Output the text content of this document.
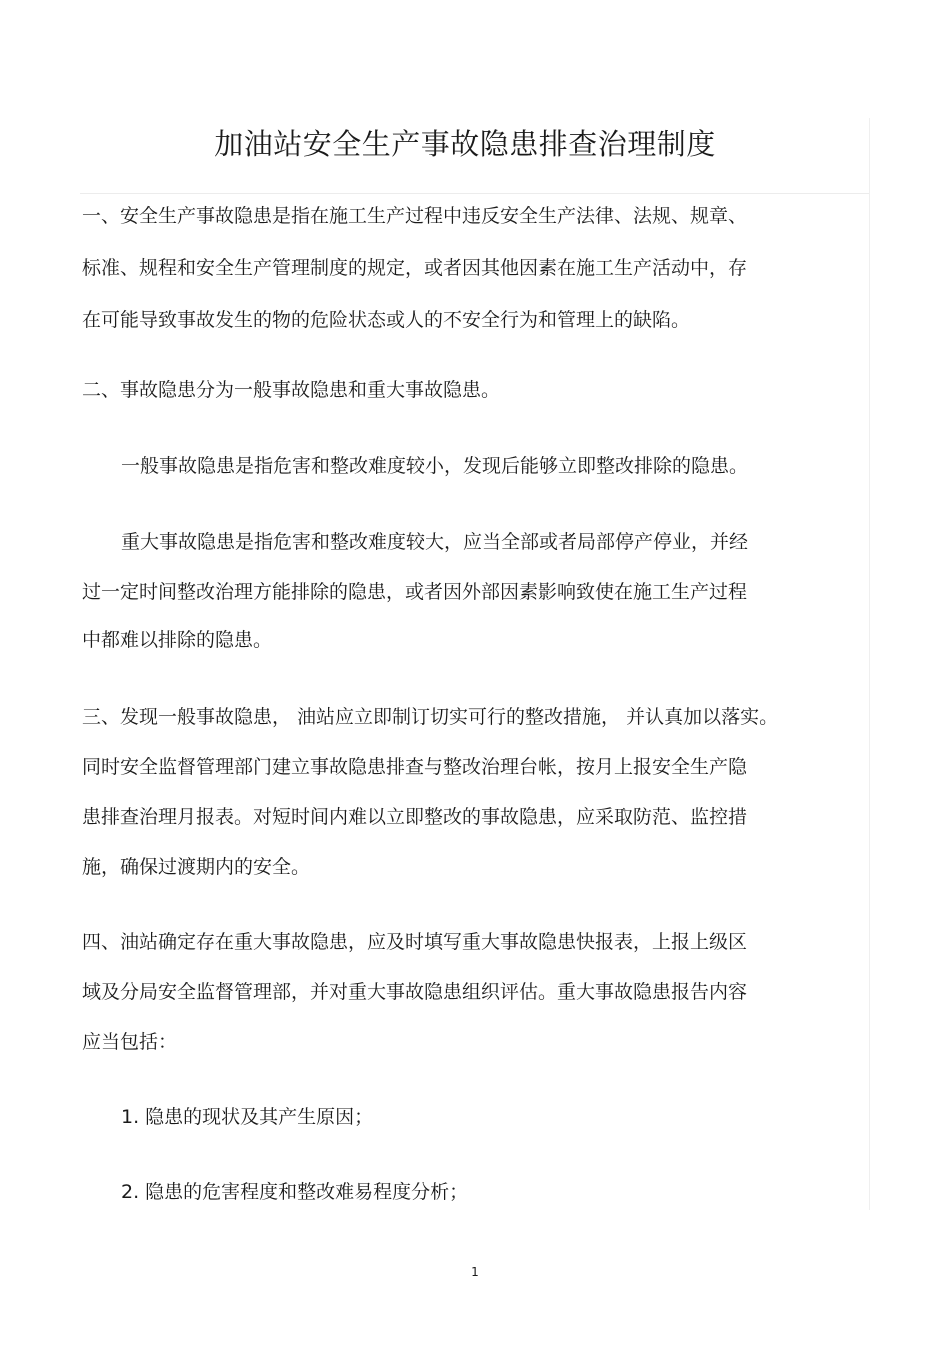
加油站安全生产事故隐患排查治理制度

一、安全生产事故隐患是指在施工生产过程中违反安全生产法律、法规、规章、

标准、规程和安全生产管理制度的规定，或者因其他因素在施工生产活动中，存

在可能导致事故发生的物的危险状态或人的不安全行为和管理上的缺陷。

二、事故隐患分为一般事故隐患和重大事故隐患。

一般事故隐患是指危害和整改难度较小，发现后能够立即整改排除的隐患。

重大事故隐患是指危害和整改难度较大，应当全部或者局部停产停业，并经

过一定时间整改治理方能排除的隐患，或者因外部因素影响致使在施工生产过程

中都难以排除的隐患。

三、发现一般事故隐患， 油站应立即制订切实可行的整改措施， 并认真加以落实。

同时安全监督管理部门建立事故隐患排查与整改治理台帐，按月上报安全生产隐

患排查治理月报表。对短时间内难以立即整改的事故隐患，应采取防范、监控措

施，确保过渡期内的安全。

四、油站确定存在重大事故隐患，应及时填写重大事故隐患快报表，上报上级区

域及分局安全监督管理部，并对重大事故隐患组织评估。重大事故隐患报告内容

应当包括：

1. 隐患的现状及其产生原因；

2. 隐患的危害程度和整改难易程度分析；

1
